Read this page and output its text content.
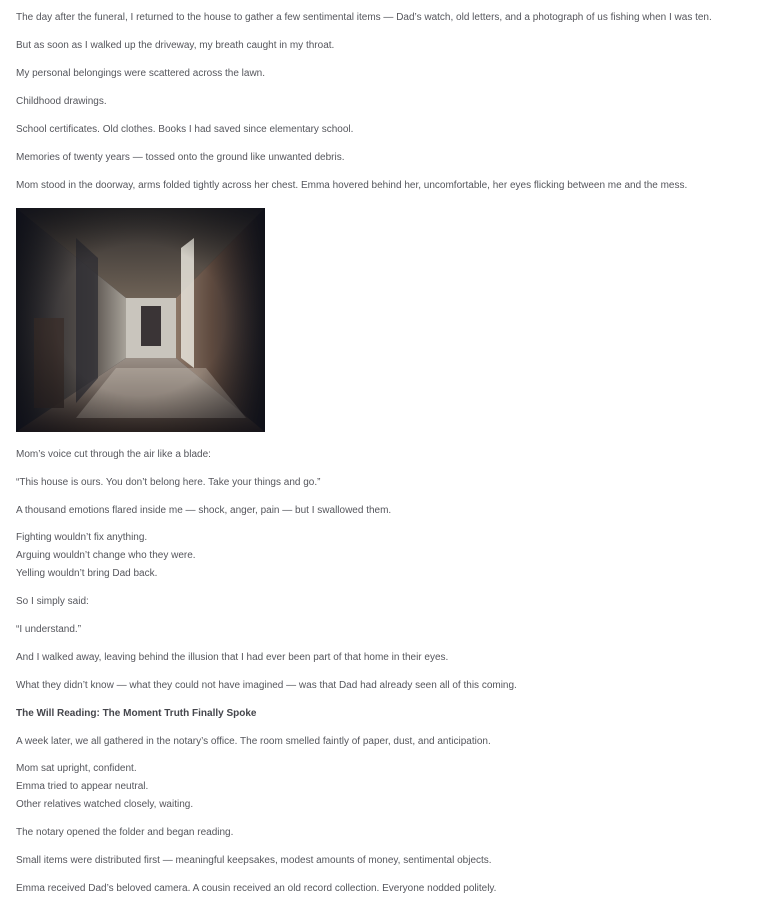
The day after the funeral, I returned to the house to gather a few sentimental items — Dad’s watch, old letters, and a photograph of us fishing when I was ten.

But as soon as I walked up the driveway, my breath caught in my throat.

My personal belongings were scattered across the lawn.

Childhood drawings.

School certificates. Old clothes. Books I had saved since elementary school.

Memories of twenty years — tossed onto the ground like unwanted debris.

Mom stood in the doorway, arms folded tightly across her chest. Emma hovered behind her, uncomfortable, her eyes flicking between me and the mess.

Mom’s voice cut through the air like a blade:

“This house is ours. You don’t belong here. Take your things and go.”

A thousand emotions flared inside me — shock, anger, pain — but I swallowed them.

Fighting wouldn’t fix anything.
Arguing wouldn’t change who they were.
Yelling wouldn’t bring Dad back.

So I simply said:

“I understand.”

And I walked away, leaving behind the illusion that I had ever been part of that home in their eyes.

What they didn’t know — what they could not have imagined — was that Dad had already seen all of this coming.

The Will Reading: The Moment Truth Finally Spoke

A week later, we all gathered in the notary’s office. The room smelled faintly of paper, dust, and anticipation.

Mom sat upright, confident.
Emma tried to appear neutral.
Other relatives watched closely, waiting.

The notary opened the folder and began reading.

Small items were distributed first — meaningful keepsakes, modest amounts of money, sentimental objects.

Emma received Dad’s beloved camera. A cousin received an old record collection. Everyone nodded politely.
